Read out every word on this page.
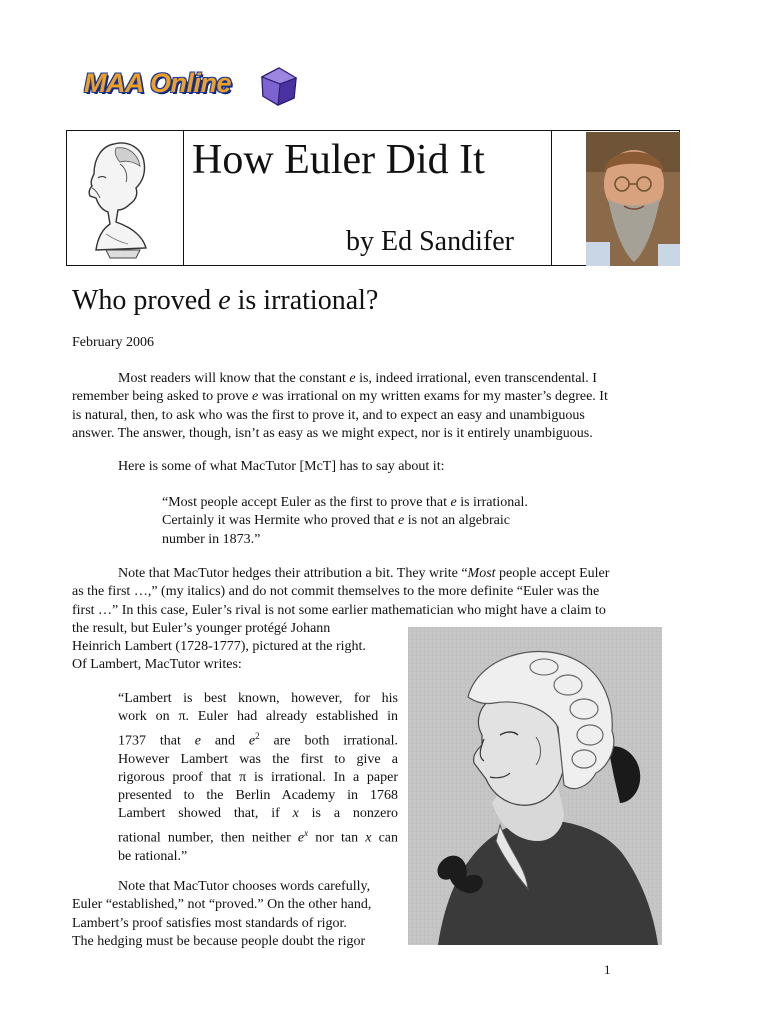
MAA Online
How Euler Did It
by Ed Sandifer
Who proved e is irrational?
February 2006
Most readers will know that the constant e is, indeed irrational, even transcendental. I
remember being asked to prove e was irrational on my written exams for my master’s degree. It
is natural, then, to ask who was the first to prove it, and to expect an easy and unambiguous
answer. The answer, though, isn’t as easy as we might expect, nor is it entirely unambiguous.
Here is some of what MacTutor [McT] has to say about it:
“Most people accept Euler as the first to prove that e is irrational.
Certainly it was Hermite who proved that e is not an algebraic
number in 1873.”
Note that MacTutor hedges their attribution a bit. They write “Most people accept Euler
as the first …,” (my italics) and do not commit themselves to the more definite “Euler was the
first …” In this case, Euler’s rival is not some earlier mathematician who might have a claim to
the result, but Euler’s younger protégé Johann
Heinrich Lambert (1728-1777), pictured at the right.
Of Lambert, MacTutor writes:
“Lambert is best known, however, for his
work on π. Euler had already established in
1737 that e and $e^2$ are both irrational.
However Lambert was the first to give a
rigorous proof that π is irrational. In a paper
presented to the Berlin Academy in 1768
Lambert showed that, if x is a nonzero
rational number, then neither $e^x$ nor tan x can
be rational.”
Note that MacTutor chooses words carefully,
Euler “established,” not “proved.” On the other hand,
Lambert’s proof satisfies most standards of rigor.
The hedging must be because people doubt the rigor
1
